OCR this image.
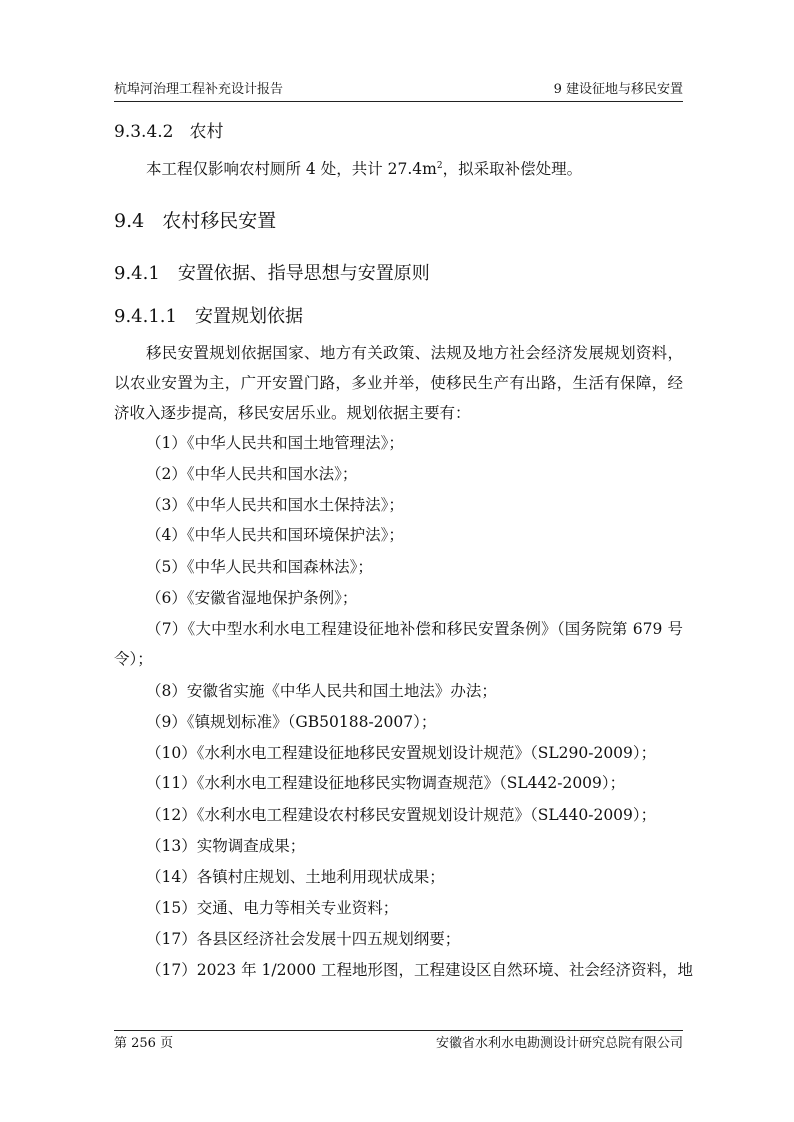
杭埠河治理工程补充设计报告	9 建设征地与移民安置
9.3.4.2 农村
本工程仅影响农村厕所 4 处，共计 $27.4m^2$，拟采取补偿处理。
9.4 农村移民安置
9.4.1 安置依据、指导思想与安置原则
9.4.1.1 安置规划依据
移民安置规划依据国家、地方有关政策、法规及地方社会经济发展规划资料，
以农业安置为主，广开安置门路，多业并举，使移民生产有出路，生活有保障，经
济收入逐步提高，移民安居乐业。规划依据主要有：
（1）《中华人民共和国土地管理法》；
（2）《中华人民共和国水法》；
（3）《中华人民共和国水土保持法》；
（4）《中华人民共和国环境保护法》；
（5）《中华人民共和国森林法》；
（6）《安徽省湿地保护条例》；
（7）《大中型水利水电工程建设征地补偿和移民安置条例》（国务院第 679 号
令）；
（8）安徽省实施《中华人民共和国土地法》办法；
（9）《镇规划标准》（GB50188-2007）；
（10）《水利水电工程建设征地移民安置规划设计规范》（SL290-2009）；
（11）《水利水电工程建设征地移民实物调查规范》（SL442-2009）；
（12）《水利水电工程建设农村移民安置规划设计规范》（SL440-2009）；
（13）实物调查成果；
（14）各镇村庄规划、土地利用现状成果；
（15）交通、电力等相关专业资料；
（17）各县区经济社会发展十四五规划纲要；
（17）2023 年 1/2000 工程地形图，工程建设区自然环境、社会经济资料，地
第 256 页	安徽省水利水电勘测设计研究总院有限公司
